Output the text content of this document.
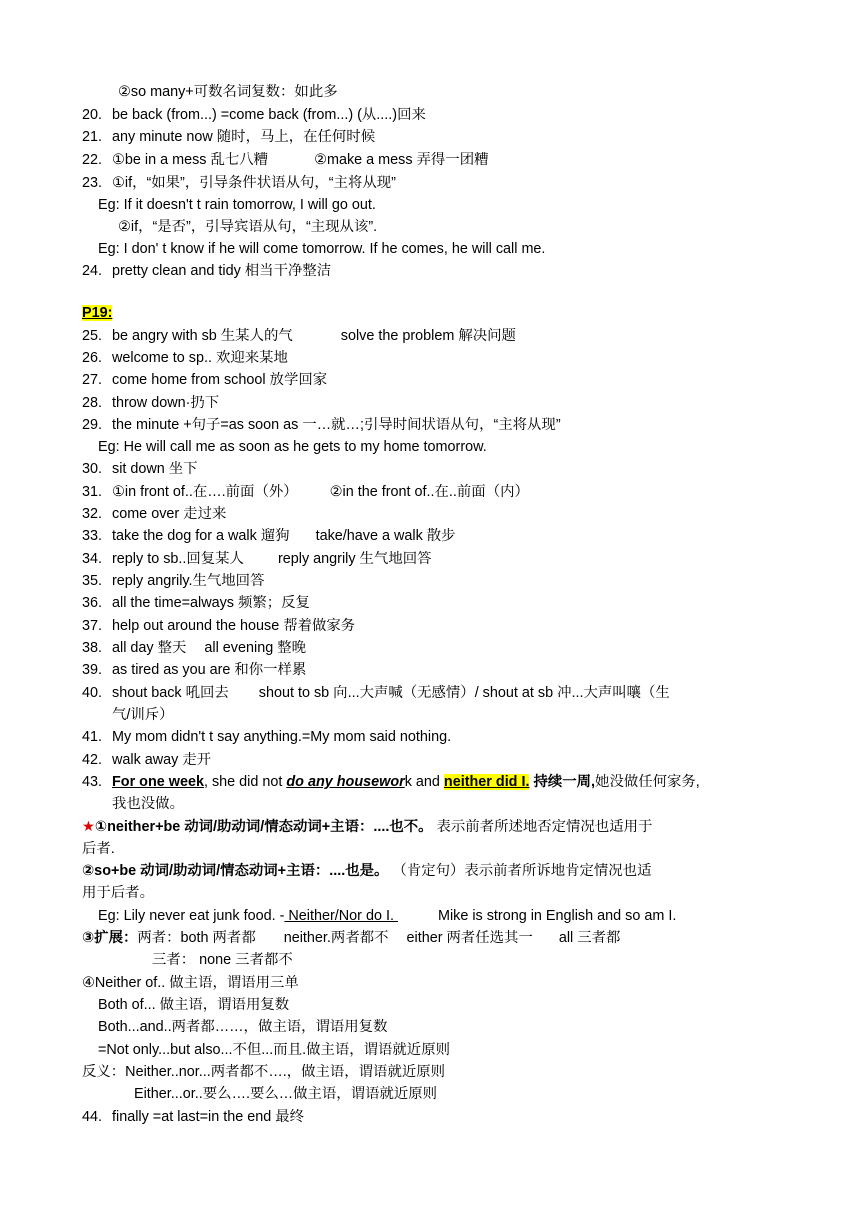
②so many+可数名词复数：如此多
20. be back (from...) =come back (from...) (从....)回来
21. any minute now 随时，马上，在任何时候
22. ①be in a mess 乱七八糟	②make a mess 弄得一团糟
23. ①if，“如果”，引导条件状语从句，“主将从现”
Eg: If it doesn't t rain tomorrow, I will go out.
②if，“是否”，引导宾语从句，“主现从该”.
Eg: I don' t know if he will come tomorrow. If he comes, he will call me.
24. pretty clean and tidy 相当干净整洁
P19:
25. be angry with sb 生某人的气	solve the problem 解决问题
26. welcome to sp.. 欢迎来某地
27. come home from school 放学回家
28. throw down·扔下
29. the minute +句子=as soon as 一…就…;引导时间状语从句，“主将从现”
Eg: He will call me as soon as he gets to my home tomorrow.
30. sit down 坐下
31. ①in front of..在….前面（外） ②in the front of..在..前面（内）
32. come over 走过来
33. take the dog for a walk 遛狗 take/have a walk 散步
34. reply to sb..回复某人 reply angrily 生气地回答
35. reply angrily.生气地回答
36. all the time=always 频繁；反复
37. help out around the house 帮着做家务
38. all day 整天 all evening 整晚
39. as tired as you are 和你一样累
40. shout back 吼回去 shout to sb 向...大声喊（无感情）/ shout at sb 冲...大声叫嚷（生
气/训斥）
41. My mom didn't t say anything.=My mom said nothing.
42. walk away 走开
43. For one week, she did not do any housework and neither did I. 持续一周,她没做任何家务,
我也没做。
★①neither+be 动词/助动词/情态动词+主语：....也不。 表示前者所述地否定情况也适用于
后者.
②so+be 动词/助动词/情态动词+主语：....也是。 （肯定句）表示前者所诉地肯定情况也适
用于后者。
Eg: Lily never eat junk food. - Neither/Nor do I.	Mike is strong in English and so am I.
③扩展：两者：both 两者都 neither.两者都不 either 两者任选其一 all 三者都
三者： none 三者都不
④Neither of.. 做主语，谓语用三单
Both of... 做主语，谓语用复数
Both...and..两者都……，做主语，谓语用复数
=Not only...but also...不但...而且.做主语，谓语就近原则
反义：Neither..nor...两者都不….，做主语，谓语就近原则
Either...or..要么….要么…做主语，谓语就近原则
44. finally =at last=in the end 最终
